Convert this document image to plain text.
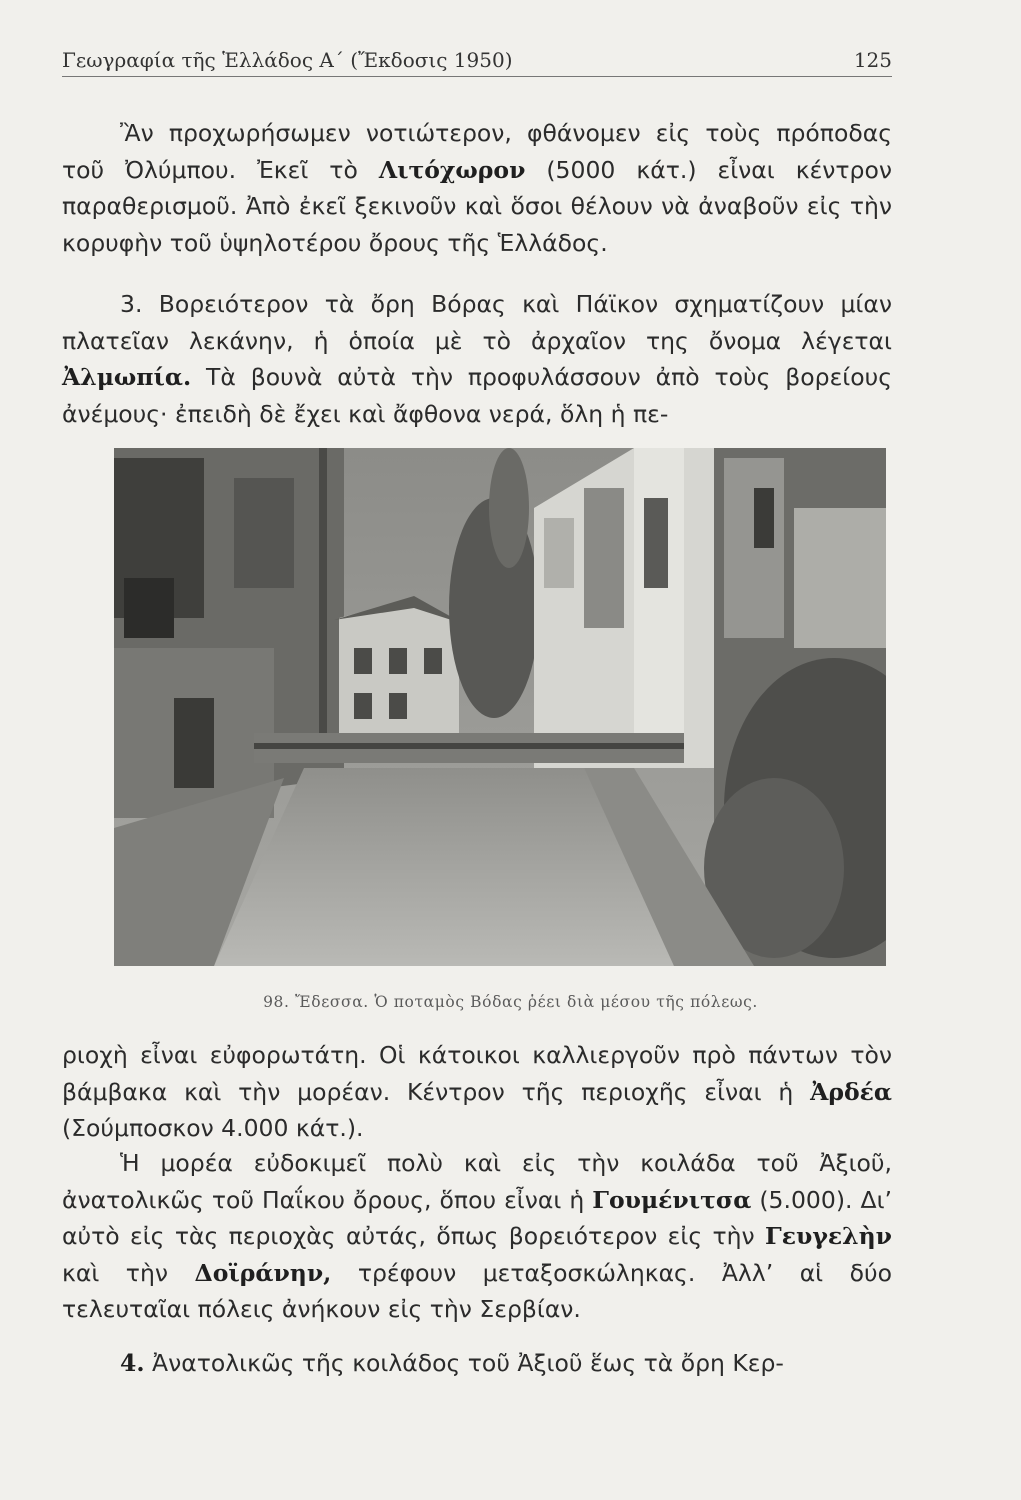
Γεωγραφία τῆς Ἑλλάδος Α΄ (Ἔκδοσις 1950)	125

Ἂν προχωρήσωμεν νοτιώτερον, φθάνομεν εἰς τοὺς πρόποδας τοῦ Ὀλύμπου. Ἐκεῖ τὸ Λιτόχωρον (5000 κάτ.) εἶναι κέντρον παραθερισμοῦ. Ἀπὸ ἐκεῖ ξεκινοῦν καὶ ὅσοι θέλουν νὰ ἀναβοῦν εἰς τὴν κορυφὴν τοῦ ὑψηλοτέρου ὄρους τῆς Ἑλλάδος.

3. Βορειότερον τὰ ὄρη Βόρας καὶ Πάϊκον σχηματίζουν μίαν πλατεῖαν λεκάνην, ἡ ὁποία μὲ τὸ ἀρχαῖον της ὄνομα λέγεται Ἀλμωπία. Τὰ βουνὰ αὐτὰ τὴν προφυλάσσουν ἀπὸ τοὺς βορείους ἀνέμους· ἐπειδὴ δὲ ἔχει καὶ ἄφθονα νερά, ὅλη ἡ πε-

98. Ἔδεσσα. Ὁ ποταμὸς Βόδας ῥέει διὰ μέσου τῆς πόλεως.

ριοχὴ εἶναι εὐφορωτάτη. Οἱ κάτοικοι καλλιεργοῦν πρὸ πάντων τὸν βάμβακα καὶ τὴν μορέαν. Κέντρον τῆς περιοχῆς εἶναι ἡ Ἀρδέα (Σούμποσκον 4.000 κάτ.).

Ἡ μορέα εὐδοκιμεῖ πολὺ καὶ εἰς τὴν κοιλάδα τοῦ Ἀξιοῦ, ἀνατολικῶς τοῦ Παΐκου ὄρους, ὅπου εἶναι ἡ Γουμένιτσα (5.000). Δι’ αὐτὸ εἰς τὰς περιοχὰς αὐτάς, ὅπως βορειότερον εἰς τὴν Γευγελὴν καὶ τὴν Δοϊράνην, τρέφουν μεταξοσκώληκας. Ἀλλ’ αἱ δύο τελευταῖαι πόλεις ἀνήκουν εἰς τὴν Σερβίαν.

4. Ἀνατολικῶς τῆς κοιλάδος τοῦ Ἀξιοῦ ἕως τὰ ὄρη Κερ-
